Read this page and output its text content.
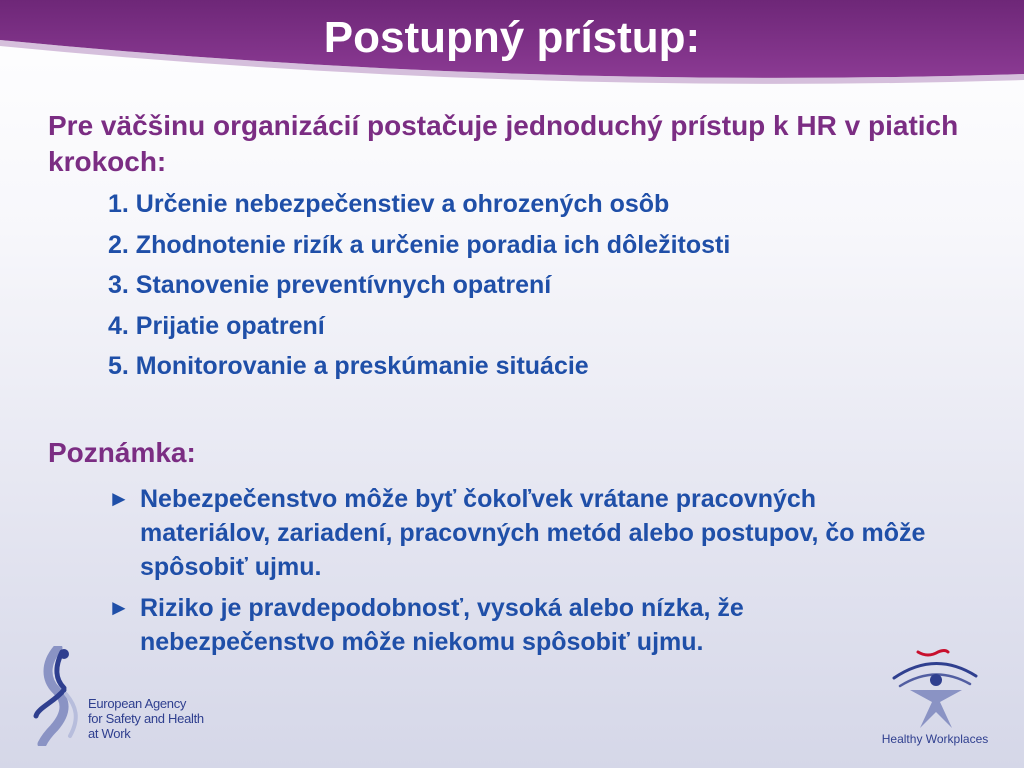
Postupný prístup:
Pre väčšinu organizácií postačuje jednoduchý prístup k HR v piatich krokoch:
1. Určenie nebezpečenstiev a ohrozených osôb
2. Zhodnotenie rizík a určenie poradia ich dôležitosti
3. Stanovenie preventívnych opatrení
4. Prijatie opatrení
5. Monitorovanie a preskúmanie situácie
Poznámka:
► Nebezpečenstvo môže byť čokoľvek vrátane pracovných materiálov, zariadení, pracovných metód alebo postupov, čo môže spôsobiť ujmu.
► Riziko je pravdepodobnosť, vysoká alebo nízka, že nebezpečenstvo môže niekomu spôsobiť ujmu.
European Agency
for Safety and Health
at Work	Healthy Workplaces
